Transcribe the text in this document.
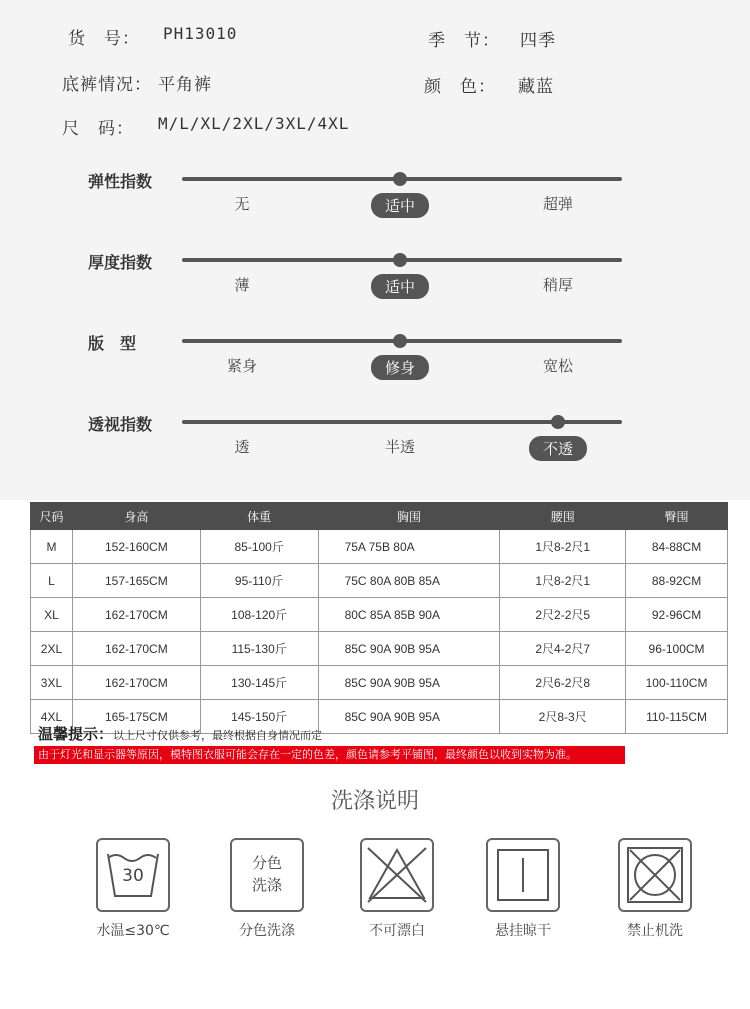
货　号： PH13010	季　节： 四季
底裤情况： 平角裤	颜　色： 藏蓝
尺　码： M/L/XL/2XL/3XL/4XL
弹性指数
无	适中	超弹
厚度指数
薄	适中	稍厚
版　型
紧身	修身	宽松
透视指数
透	半透	不透
尺码	身高	体重	胸围	腰围	臀围
M	152-160CM	85-100斤	75A 75B 80A	1尺8-2尺1	84-88CM
L	157-165CM	95-110斤	75C 80A 80B 85A	1尺8-2尺1	88-92CM
XL	162-170CM	108-120斤	80C 85A 85B 90A	2尺2-2尺5	92-96CM
2XL	162-170CM	115-130斤	85C 90A 90B 95A	2尺4-2尺7	96-100CM
3XL	162-170CM	130-145斤	85C 90A 90B 95A	2尺6-2尺8	100-110CM
4XL	165-175CM	145-150斤	85C 90A 90B 95A	2尺8-3尺	110-115CM
温馨提示：以上尺寸仅供参考，最终根据自身情况而定
由于灯光和显示器等原因，模特图衣服可能会存在一定的色差，颜色请参考平铺图，最终颜色以收到实物为准。
洗涤说明
30
水温≤30℃
分色
洗涤
分色洗涤	不可漂白	悬挂晾干	禁止机洗
